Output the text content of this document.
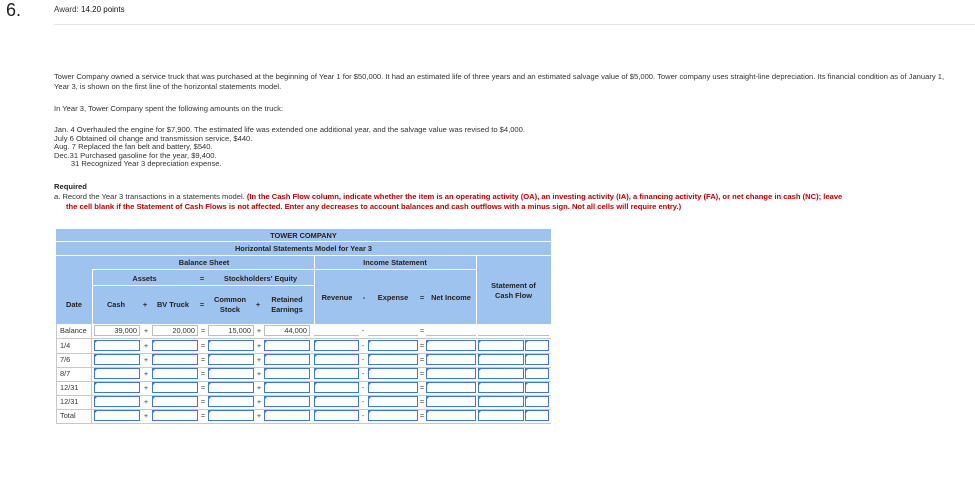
6.	Award: 14.20 points
Tower Company owned a service truck that was purchased at the beginning of Year 1 for $50,000. It had an estimated life of three years and an estimated salvage value of $5,000. Tower company uses straight-line depreciation. Its financial condition as of January 1, Year 3, is shown on the first line of the horizontal statements model.
In Year 3, Tower Company spent the following amounts on the truck:
Jan. 4 Overhauled the engine for $7,900. The estimated life was extended one additional year, and the salvage value was revised to $4,000.
July 6 Obtained oil change and transmission service, $440.
Aug. 7 Replaced the fan belt and battery, $540.
Dec.31 Purchased gasoline for the year, $9,400.
31 Recognized Year 3 depreciation expense.
Required
a. Record the Year 3 transactions in a statements model. (In the Cash Flow column, indicate whether the item is an operating activity (OA), an investing activity (IA), a financing activity (FA), or net change in cash (NC); leave
the cell blank if the Statement of Cash Flows is not affected. Enter any decreases to account balances and cash outflows with a minus sign. Not all cells will require entry.)
TOWER COMPANY
Horizontal Statements Model for Year 3
Balance Sheet	Income Statement
Assets	=	Stockholders' Equity
Statement of
Cash Flow
Date	Cash	+	BV Truck	=
Common
Stock
+
Retained
Earnings
Revenue	-	Expense	= Net Income
Balance	39,000 +	20,000 =	15,000 +	44,000	-	=
1/4	+	=	+	-	=
7/6	+	=	+	-	=
8/7	+	=	+	-	=
12/31	+	=	+	-	=
12/31	+	=	+	-	=
Total	+	=	+	-	=
